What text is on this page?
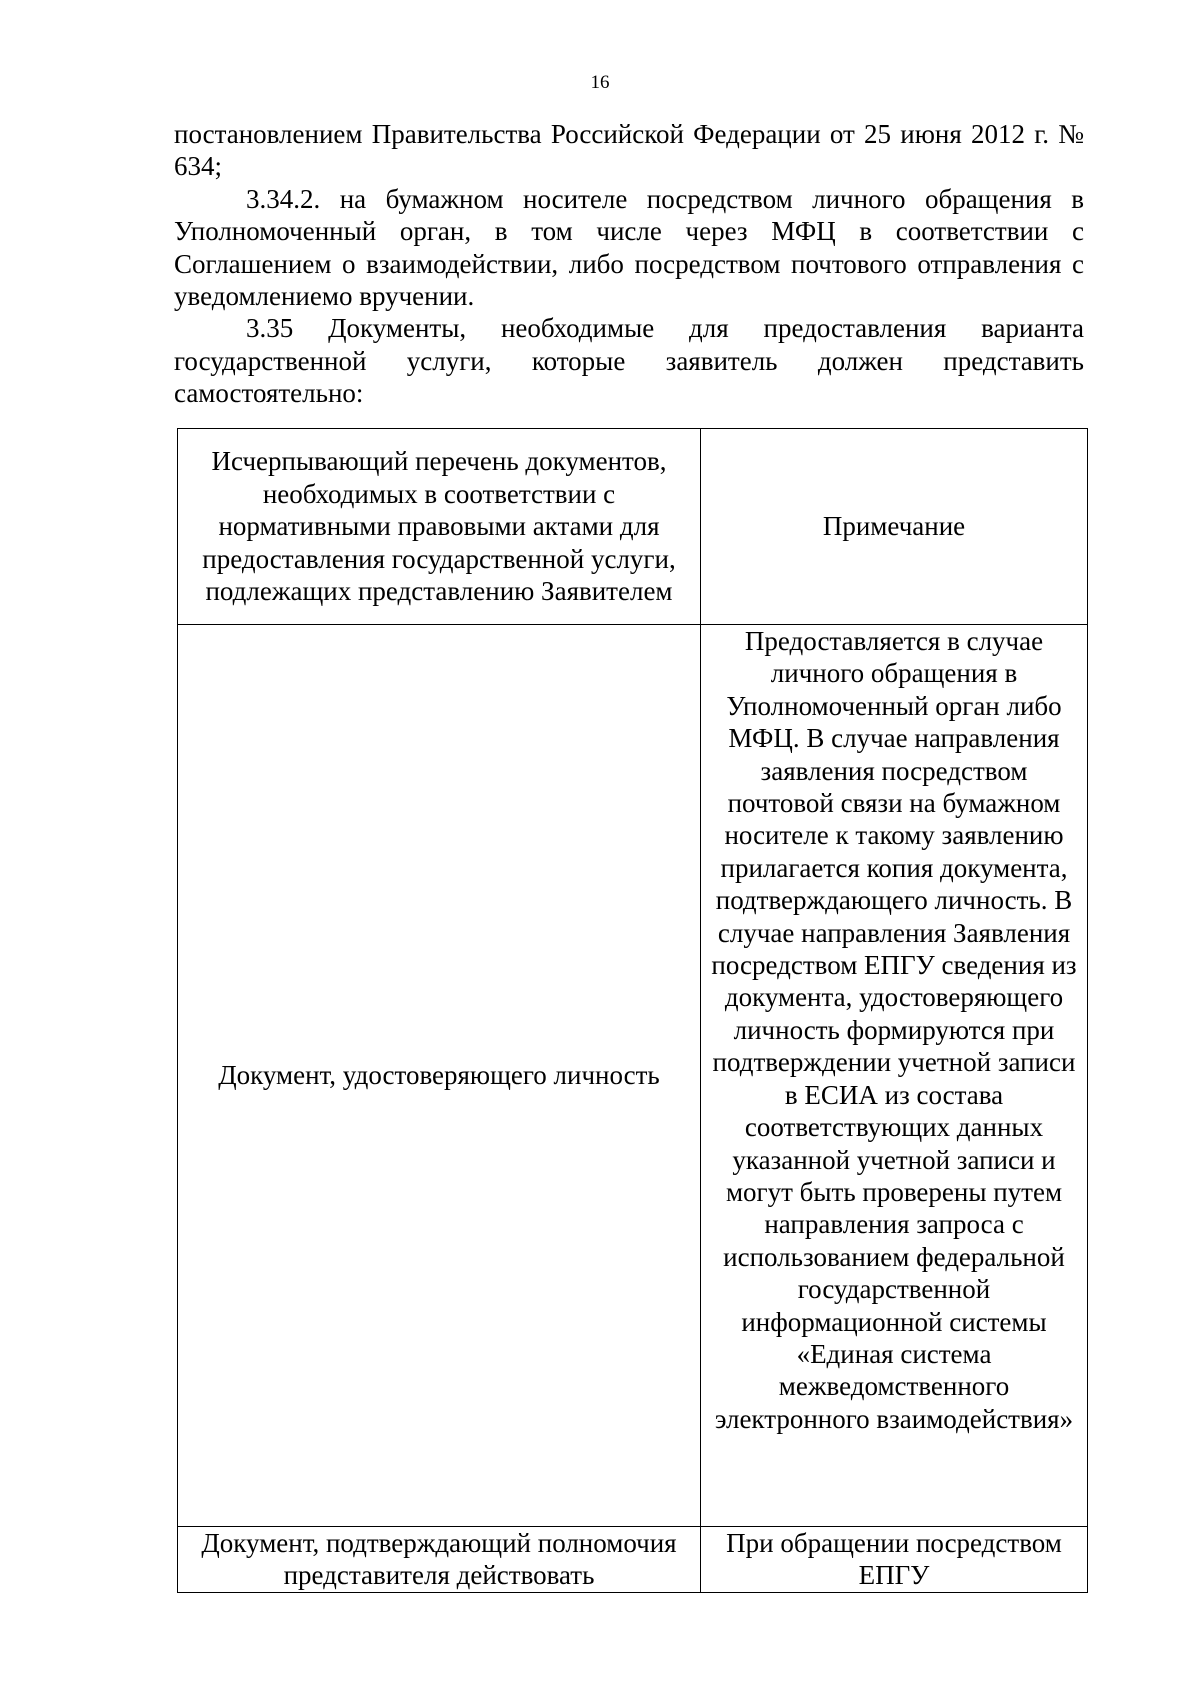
16

постановлением Правительства Российской Федерации от 25 июня 2012 г. № 634;

3.34.2. на бумажном носителе посредством личного обращения в Уполномоченный орган, в том числе через МФЦ в соответствии с Соглашением о взаимодействии, либо посредством почтового отправления с уведомлениемо вручении.

3.35 Документы, необходимые для предоставления варианта государственной услуги, которые заявитель должен представить самостоятельно:

Исчерпывающий перечень документов, необходимых в соответствии с нормативными правовыми актами для предоставления государственной услуги, подлежащих представлению Заявителем	Примечание
Документ, удостоверяющего личность	Предоставляется в случае личного обращения в Уполномоченный орган либо МФЦ. В случае направления заявления посредством почтовой связи на бумажном носителе к такому заявлению прилагается копия документа, подтверждающего личность. В случае направления Заявления посредством ЕПГУ сведения из документа, удостоверяющего личность формируются при подтверждении учетной записи в ЕСИА из состава соответствующих данных указанной учетной записи и могут быть проверены путем направления запроса с использованием федеральной государственной информационной системы «Единая система межведомственного электронного взаимодействия»
Документ, подтверждающий полномочия представителя действовать	При обращении посредством ЕПГУ
